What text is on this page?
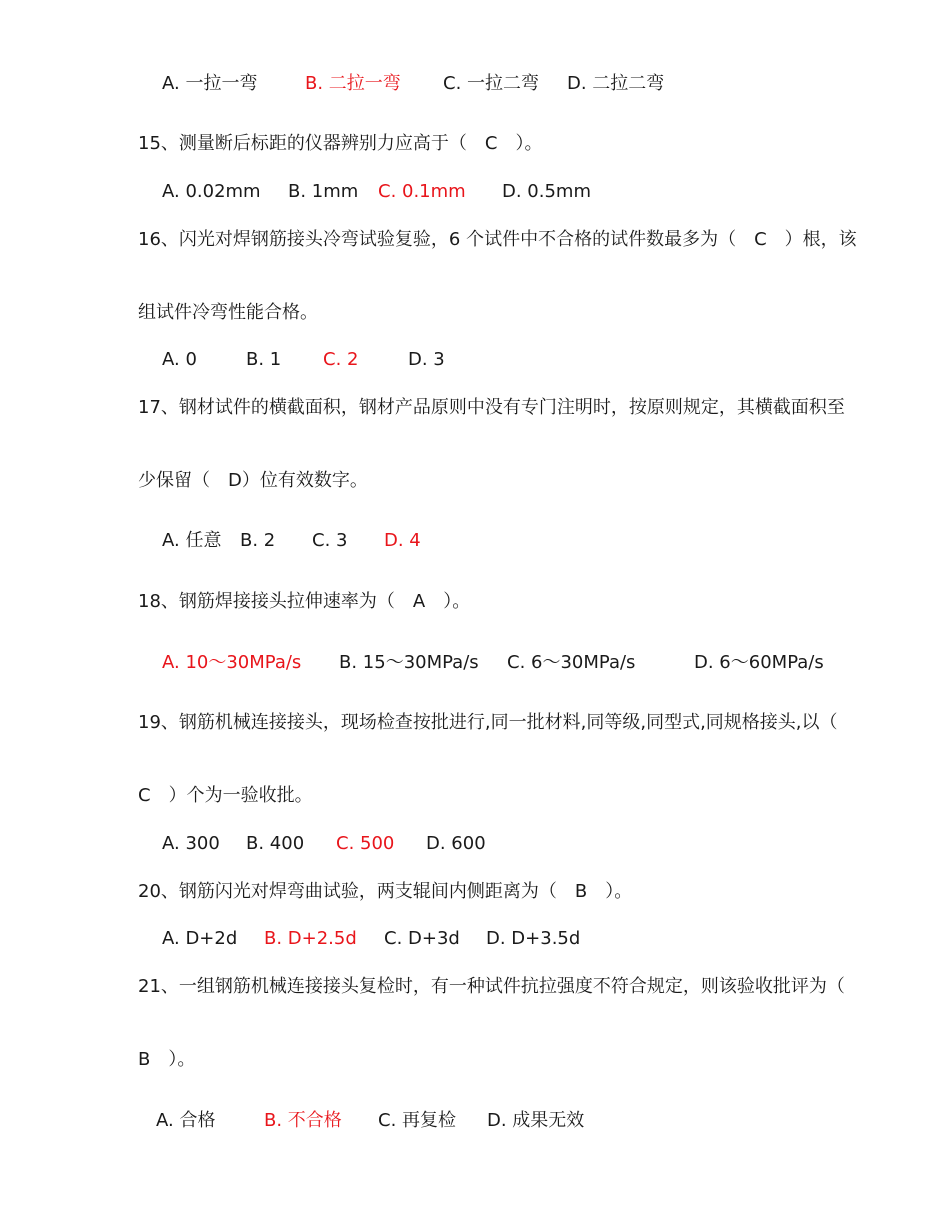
A. 一拉一弯	B. 二拉一弯 C. 一拉二弯 D. 二拉二弯
15、测量断后标距的仪器辨别力应高于（　C　）。
A. 0.02mm B. 1mm C. 0.1mm D. 0.5mm
16、闪光对焊钢筋接头冷弯试验复验，6 个试件中不合格的试件数最多为（　C　）根，该
组试件冷弯性能合格。
A. 0	B. 1 C. 2	D. 3
17、钢材试件的横截面积，钢材产品原则中没有专门注明时，按原则规定，其横截面积至
少保留（　D）位有效数字。
A. 任意 B. 2 C. 3 D. 4
18、钢筋焊接接头拉伸速率为（　A　）。
A. 10～30MPa/s B. 15～30MPa/s C. 6～30MPa/s	D. 6～60MPa/s
19、钢筋机械连接接头，现场检查按批进行,同一批材料,同等级,同型式,同规格接头,以（
C　）个为一验收批。
A. 300 B. 400 C. 500 D. 600
20、钢筋闪光对焊弯曲试验，两支辊间内侧距离为（　B　）。
A. D+2d B. D+2.5d C. D+3d D. D+3.5d
21、一组钢筋机械连接接头复检时，有一种试件抗拉强度不符合规定，则该验收批评为（
B　）。
A. 合格	B. 不合格 C. 再复检 D. 成果无效
